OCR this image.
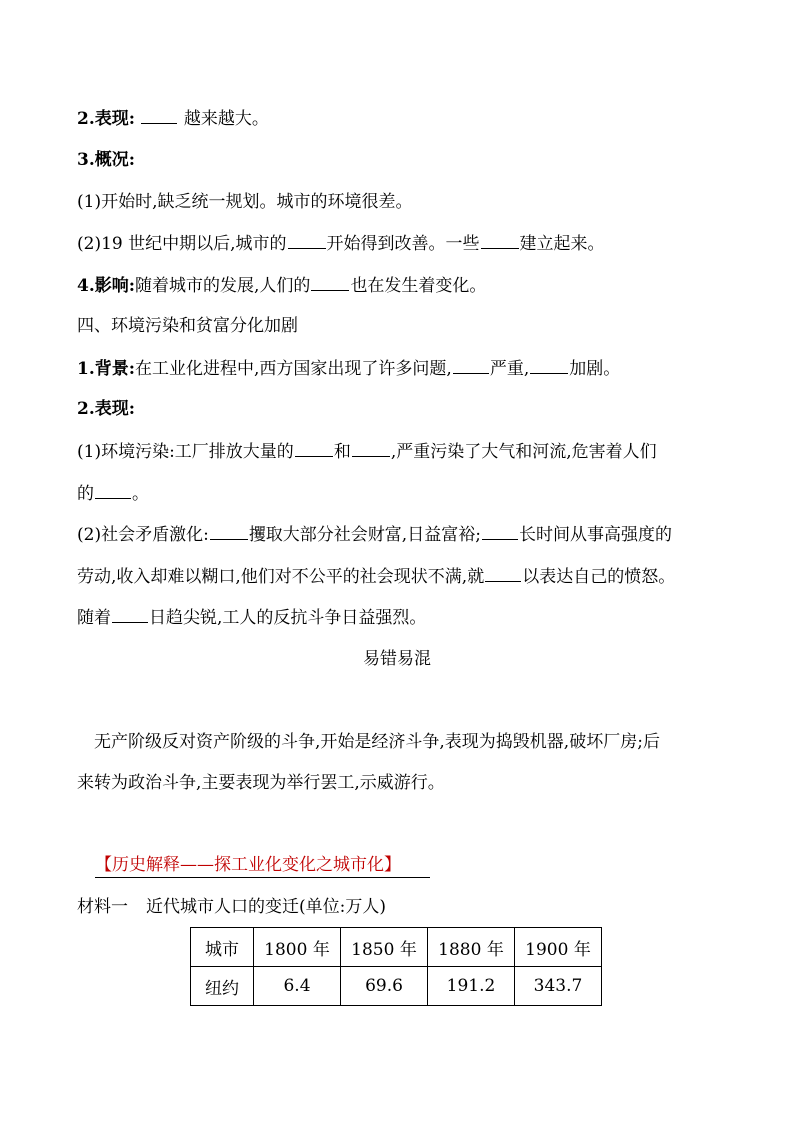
2.表现:	越来越大。
3.概况:
(1)开始时,缺乏统一规划。城市的环境很差。
(2)19 世纪中期以后,城市的 开始得到改善。一些 建立起来。
4.影响:随着城市的发展,人们的 也在发生着变化。
四、环境污染和贫富分化加剧
1.背景:在工业化进程中,西方国家出现了许多问题, 严重, 加剧。
2.表现:
(1)环境污染:工厂排放大量的 和 ,严重污染了大气和河流,危害着人们
的 。
(2)社会矛盾激化: 攫取大部分社会财富,日益富裕; 长时间从事高强度的
劳动,收入却难以糊口,他们对不公平的社会现状不满,就 以表达自己的愤怒。
随着 日趋尖锐,工人的反抗斗争日益强烈。
易错易混
无产阶级反对资产阶级的斗争,开始是经济斗争,表现为捣毁机器,破坏厂房;后
来转为政治斗争,主要表现为举行罢工,示威游行。
【历史解释——探工业化变化之城市化】
材料一 近代城市人口的变迁(单位:万人)
城市	1800 年	1850 年	1880 年	1900 年
纽约	6.4	69.6	191.2	343.7
